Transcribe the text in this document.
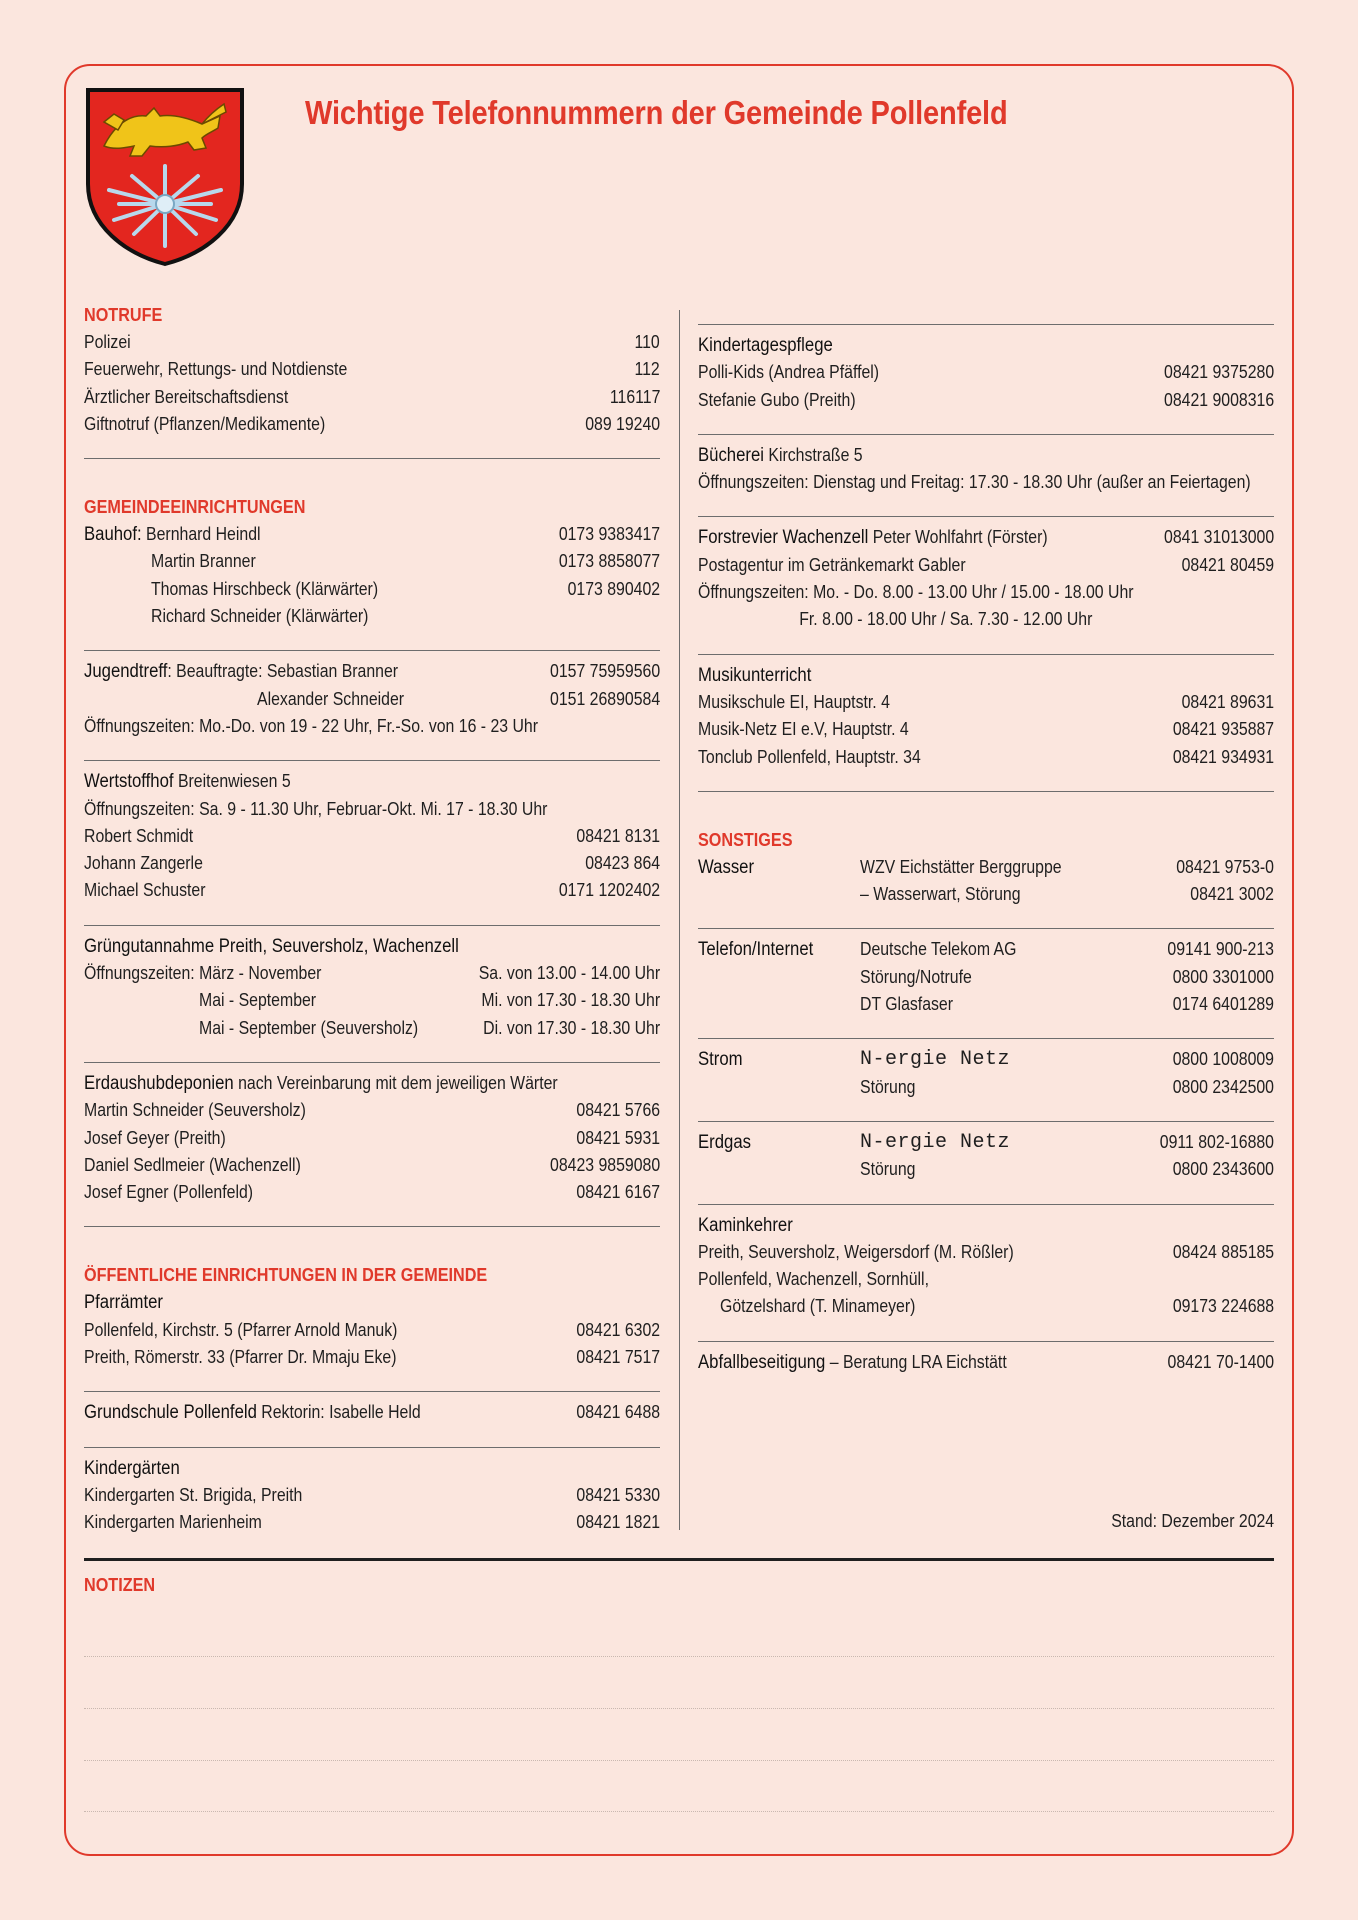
Wichtige Telefonnummern der Gemeinde Pollenfeld
NOTRUFE
Polizei	110
Feuerwehr, Rettungs- und Notdienste	112
Ärztlicher Bereitschaftsdienst	116117
Giftnotruf (Pflanzen/Medikamente)	089 19240
GEMEINDEEINRICHTUNGEN
Bauhof: Bernhard Heindl	0173 9383417
Martin Branner	0173 8858077
Thomas Hirschbeck (Klärwärter)	0173 890402
Richard Schneider (Klärwärter)
Jugendtreff: Beauftragte: Sebastian Branner	0157 75959560
Alexander Schneider	0151 26890584
Öffnungszeiten: Mo.-Do. von 19 - 22 Uhr, Fr.-So. von 16 - 23 Uhr
Wertstoffhof Breitenwiesen 5
Öffnungszeiten: Sa. 9 - 11.30 Uhr, Februar-Okt. Mi. 17 - 18.30 Uhr
Robert Schmidt	08421 8131
Johann Zangerle	08423 864
Michael Schuster	0171 1202402
Grüngutannahme Preith, Seuversholz, Wachenzell
Öffnungszeiten: März - November	Sa. von 13.00 - 14.00 Uhr
Mai - September	Mi. von 17.30 - 18.30 Uhr
Mai - September (Seuversholz)	Di. von 17.30 - 18.30 Uhr
Erdaushubdeponien nach Vereinbarung mit dem jeweiligen Wärter
Martin Schneider (Seuversholz)	08421 5766
Josef Geyer (Preith)	08421 5931
Daniel Sedlmeier (Wachenzell)	08423 9859080
Josef Egner (Pollenfeld)	08421 6167
ÖFFENTLICHE EINRICHTUNGEN IN DER GEMEINDE
Pfarrämter
Pollenfeld, Kirchstr. 5 (Pfarrer Arnold Manuk)	08421 6302
Preith, Römerstr. 33 (Pfarrer Dr. Mmaju Eke)	08421 7517
Grundschule Pollenfeld Rektorin: Isabelle Held	08421 6488
Kindergärten
Kindergarten St. Brigida, Preith	08421 5330
Kindergarten Marienheim	08421 1821
Kindertagespflege
Polli-Kids (Andrea Pfäffel)	08421 9375280
Stefanie Gubo (Preith)	08421 9008316
Bücherei Kirchstraße 5
Öffnungszeiten: Dienstag und Freitag: 17.30 - 18.30 Uhr (außer an Feiertagen)
Forstrevier Wachenzell Peter Wohlfahrt (Förster)	0841 31013000
Postagentur im Getränkemarkt Gabler	08421 80459
Öffnungszeiten: Mo. - Do. 8.00 - 13.00 Uhr / 15.00 - 18.00 Uhr
Fr. 8.00 - 18.00 Uhr / Sa. 7.30 - 12.00 Uhr
Musikunterricht
Musikschule EI, Hauptstr. 4	08421 89631
Musik-Netz EI e.V, Hauptstr. 4	08421 935887
Tonclub Pollenfeld, Hauptstr. 34	08421 934931
SONSTIGES
Wasser	WZV Eichstätter Berggruppe	08421 9753-0
– Wasserwart, Störung	08421 3002
Telefon/Internet	Deutsche Telekom AG	09141 900-213
Störung/Notrufe	0800 3301000
DT Glasfaser	0174 6401289
Strom	N-ergie Netz	0800 1008009
Störung	0800 2342500
Erdgas	N-ergie Netz	0911 802-16880
Störung	0800 2343600
Kaminkehrer
Preith, Seuversholz, Weigersdorf (M. Rößler)	08424 885185
Pollenfeld, Wachenzell, Sornhüll,
Götzelshard (T. Minameyer)	09173 224688
Abfallbeseitigung – Beratung LRA Eichstätt	08421 70-1400
Stand: Dezember 2024
NOTIZEN
